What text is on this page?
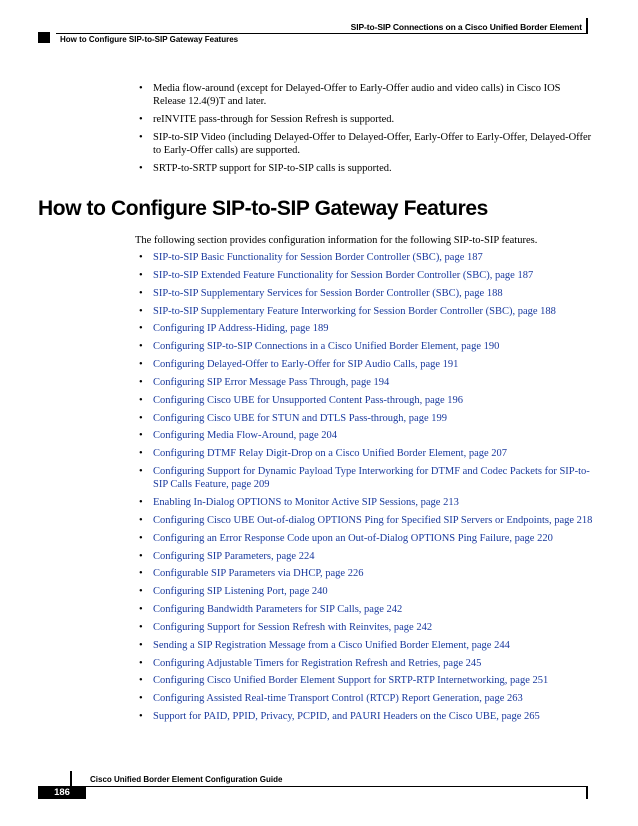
SIP-to-SIP Connections on a Cisco Unified Border Element
How to Configure SIP-to-SIP Gateway Features
• Media flow-around (except for Delayed-Offer to Early-Offer audio and video calls) in Cisco IOS Release 12.4(9)T and later.
• reINVITE pass-through for Session Refresh is supported.
• SIP-to-SIP Video (including Delayed-Offer to Delayed-Offer, Early-Offer to Early-Offer, Delayed-Offer to Early-Offer calls) are supported.
• SRTP-to-SRTP support for SIP-to-SIP calls is supported.
How to Configure SIP-to-SIP Gateway Features
The following section provides configuration information for the following SIP-to-SIP features.
• SIP-to-SIP Basic Functionality for Session Border Controller (SBC), page 187
• SIP-to-SIP Extended Feature Functionality for Session Border Controller (SBC), page 187
• SIP-to-SIP Supplementary Services for Session Border Controller (SBC), page 188
• SIP-to-SIP Supplementary Feature Interworking for Session Border Controller (SBC), page 188
• Configuring IP Address-Hiding, page 189
• Configuring SIP-to-SIP Connections in a Cisco Unified Border Element, page 190
• Configuring Delayed-Offer to Early-Offer for SIP Audio Calls, page 191
• Configuring SIP Error Message Pass Through, page 194
• Configuring Cisco UBE for Unsupported Content Pass-through, page 196
• Configuring Cisco UBE for STUN and DTLS Pass-through, page 199
• Configuring Media Flow-Around, page 204
• Configuring DTMF Relay Digit-Drop on a Cisco Unified Border Element, page 207
• Configuring Support for Dynamic Payload Type Interworking for DTMF and Codec Packets for SIP-to-SIP Calls Feature, page 209
• Enabling In-Dialog OPTIONS to Monitor Active SIP Sessions, page 213
• Configuring Cisco UBE Out-of-dialog OPTIONS Ping for Specified SIP Servers or Endpoints, page 218
• Configuring an Error Response Code upon an Out-of-Dialog OPTIONS Ping Failure, page 220
• Configuring SIP Parameters, page 224
• Configurable SIP Parameters via DHCP, page 226
• Configuring SIP Listening Port, page 240
• Configuring Bandwidth Parameters for SIP Calls, page 242
• Configuring Support for Session Refresh with Reinvites, page 242
• Sending a SIP Registration Message from a Cisco Unified Border Element, page 244
• Configuring Adjustable Timers for Registration Refresh and Retries, page 245
• Configuring Cisco Unified Border Element Support for SRTP-RTP Internetworking, page 251
• Configuring Assisted Real-time Transport Control (RTCP) Report Generation, page 263
• Support for PAID, PPID, Privacy, PCPID, and PAURI Headers on the Cisco UBE, page 265
Cisco Unified Border Element Configuration Guide
186
